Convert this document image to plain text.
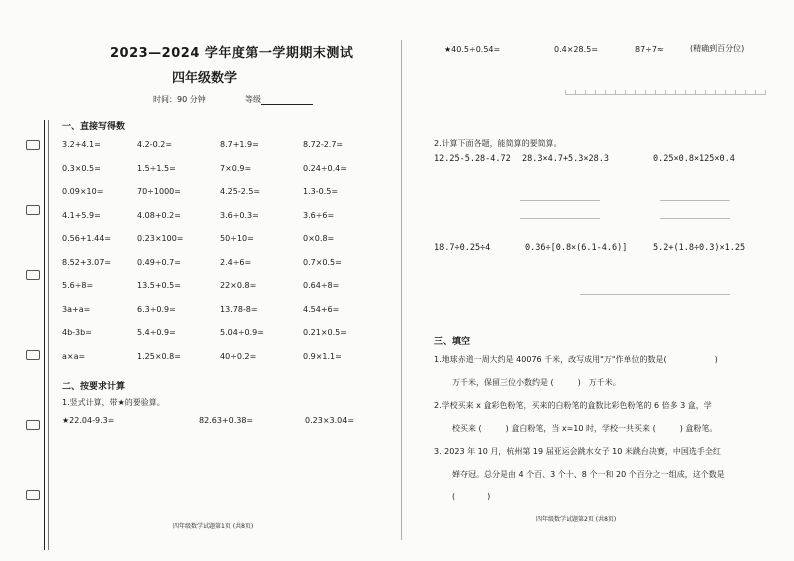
2023—2024 学年度第一学期期末测试
四年级数学
时间：90 分钟	等级
一、直接写得数
3.2+4.1=	4.2-0.2=	8.7+1.9=	8.72-2.7=
0.3×0.5=	1.5÷1.5=	7×0.9=	0.24÷0.4=
0.09×10=	70÷1000=	4.25-2.5=	1.3-0.5=
4.1+5.9=	4.08+0.2=	3.6÷0.3=	3.6÷6=
0.56+1.44=	0.23×100=	50÷10=	0×0.8=
8.52+3.07=	0.49÷0.7=	2.4÷6=	0.7×0.5=
5.6÷8=	13.5+0.5=	22×0.8=	0.64÷8=
3a+a=	6.3÷0.9=	13.78-8=	4.54+6=
4b-3b=	5.4÷0.9=	5.04÷0.9=	0.21×0.5=
a×a=	1.25×0.8=	40÷0.2=	0.9×1.1=
二、按要求计算
1.竖式计算，带★的要验算。
★22.04-9.3=	82.63+0.38=	0.23×3.04=
四年级数学试题第1页 (共8页)
★40.5÷0.54=	0.4×28.5=	87÷7≈	(精确到百分位)
2.计算下面各题，能简算的要简算。
12.25-5.28-4.72 28.3×4.7+5.3×28.3	0.25×0.8×125×0.4
18.7÷0.25÷4	0.36÷[0.8×(6.1-4.6)]	5.2+(1.8÷0.3)×1.25
三、填空
1.地球赤道一周大约是 40076 千米，改写成用"万"作单位的数是(　　　　　　)
万千米，保留三位小数约是 (　　　)　万千米。
2.学校买来 x 盒彩色粉笔，买来的白粉笔的盒数比彩色粉笔的 6 倍多 3 盒，学
校买来 (　　　) 盒白粉笔，当 x=10 时，学校一共买来 (　　　) 盒粉笔。
3. 2023 年 10 月，杭州第 19 届亚运会跳水女子 10 米跳台决赛，中国选手全红
婵夺冠。总分是由 4 个百、3 个十、8 个一和 20 个百分之一组成，这个数是
(　　　　)
四年级数学试题第2页 (共8页)
